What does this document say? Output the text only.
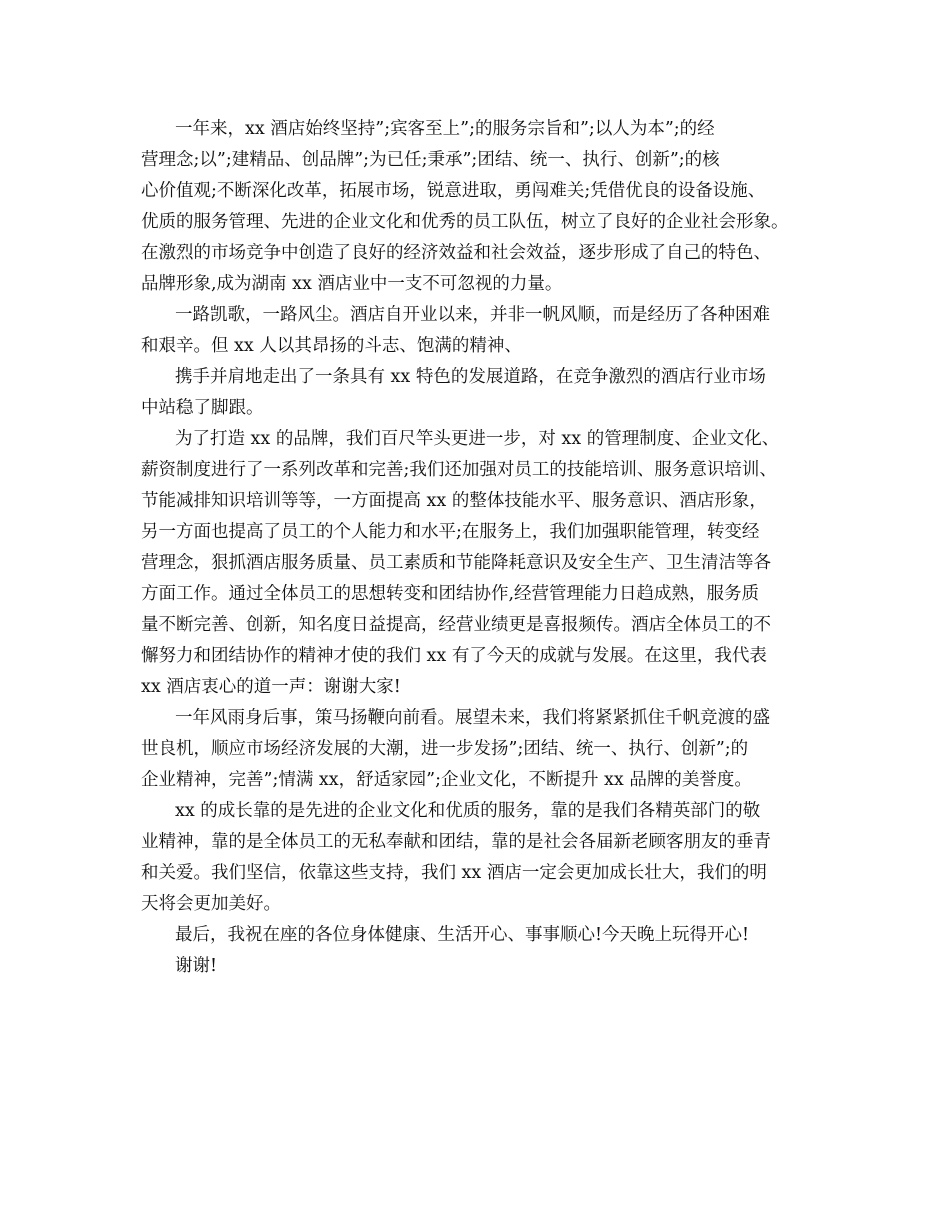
一年来，xx 酒店始终坚持”;宾客至上”;的服务宗旨和”;以人为本”;的经
营理念;以”;建精品、创品牌”;为已任;秉承”;团结、统一、执行、创新”;的核
心价值观;不断深化改革，拓展市场，锐意进取，勇闯难关;凭借优良的设备设施、
优质的服务管理、先进的企业文化和优秀的员工队伍，树立了良好的企业社会形象。
在激烈的市场竞争中创造了良好的经济效益和社会效益，逐步形成了自己的特色、
品牌形象,成为湖南 xx 酒店业中一支不可忽视的力量。
一路凯歌，一路风尘。酒店自开业以来，并非一帆风顺，而是经历了各种困难
和艰辛。但 xx 人以其昂扬的斗志、饱满的精神、
携手并肩地走出了一条具有 xx 特色的发展道路，在竞争激烈的酒店行业市场
中站稳了脚跟。
为了打造 xx 的品牌，我们百尺竿头更进一步，对 xx 的管理制度、企业文化、
薪资制度进行了一系列改革和完善;我们还加强对员工的技能培训、服务意识培训、
节能减排知识培训等等，一方面提高 xx 的整体技能水平、服务意识、酒店形象，
另一方面也提高了员工的个人能力和水平;在服务上，我们加强职能管理，转变经
营理念，狠抓酒店服务质量、员工素质和节能降耗意识及安全生产、卫生清洁等各
方面工作。通过全体员工的思想转变和团结协作,经营管理能力日趋成熟，服务质
量不断完善、创新，知名度日益提高，经营业绩更是喜报频传。酒店全体员工的不
懈努力和团结协作的精神才使的我们 xx 有了今天的成就与发展。在这里，我代表
xx 酒店衷心的道一声：谢谢大家!
一年风雨身后事，策马扬鞭向前看。展望未来，我们将紧紧抓住千帆竞渡的盛
世良机，顺应市场经济发展的大潮，进一步发扬”;团结、统一、执行、创新”;的
企业精神，完善”;情满 xx，舒适家园”;企业文化，不断提升 xx 品牌的美誉度。
xx 的成长靠的是先进的企业文化和优质的服务，靠的是我们各精英部门的敬
业精神，靠的是全体员工的无私奉献和团结，靠的是社会各届新老顾客朋友的垂青
和关爱。我们坚信，依靠这些支持，我们 xx 酒店一定会更加成长壮大，我们的明
天将会更加美好。
最后，我祝在座的各位身体健康、生活开心、事事顺心!今天晚上玩得开心!
谢谢!
